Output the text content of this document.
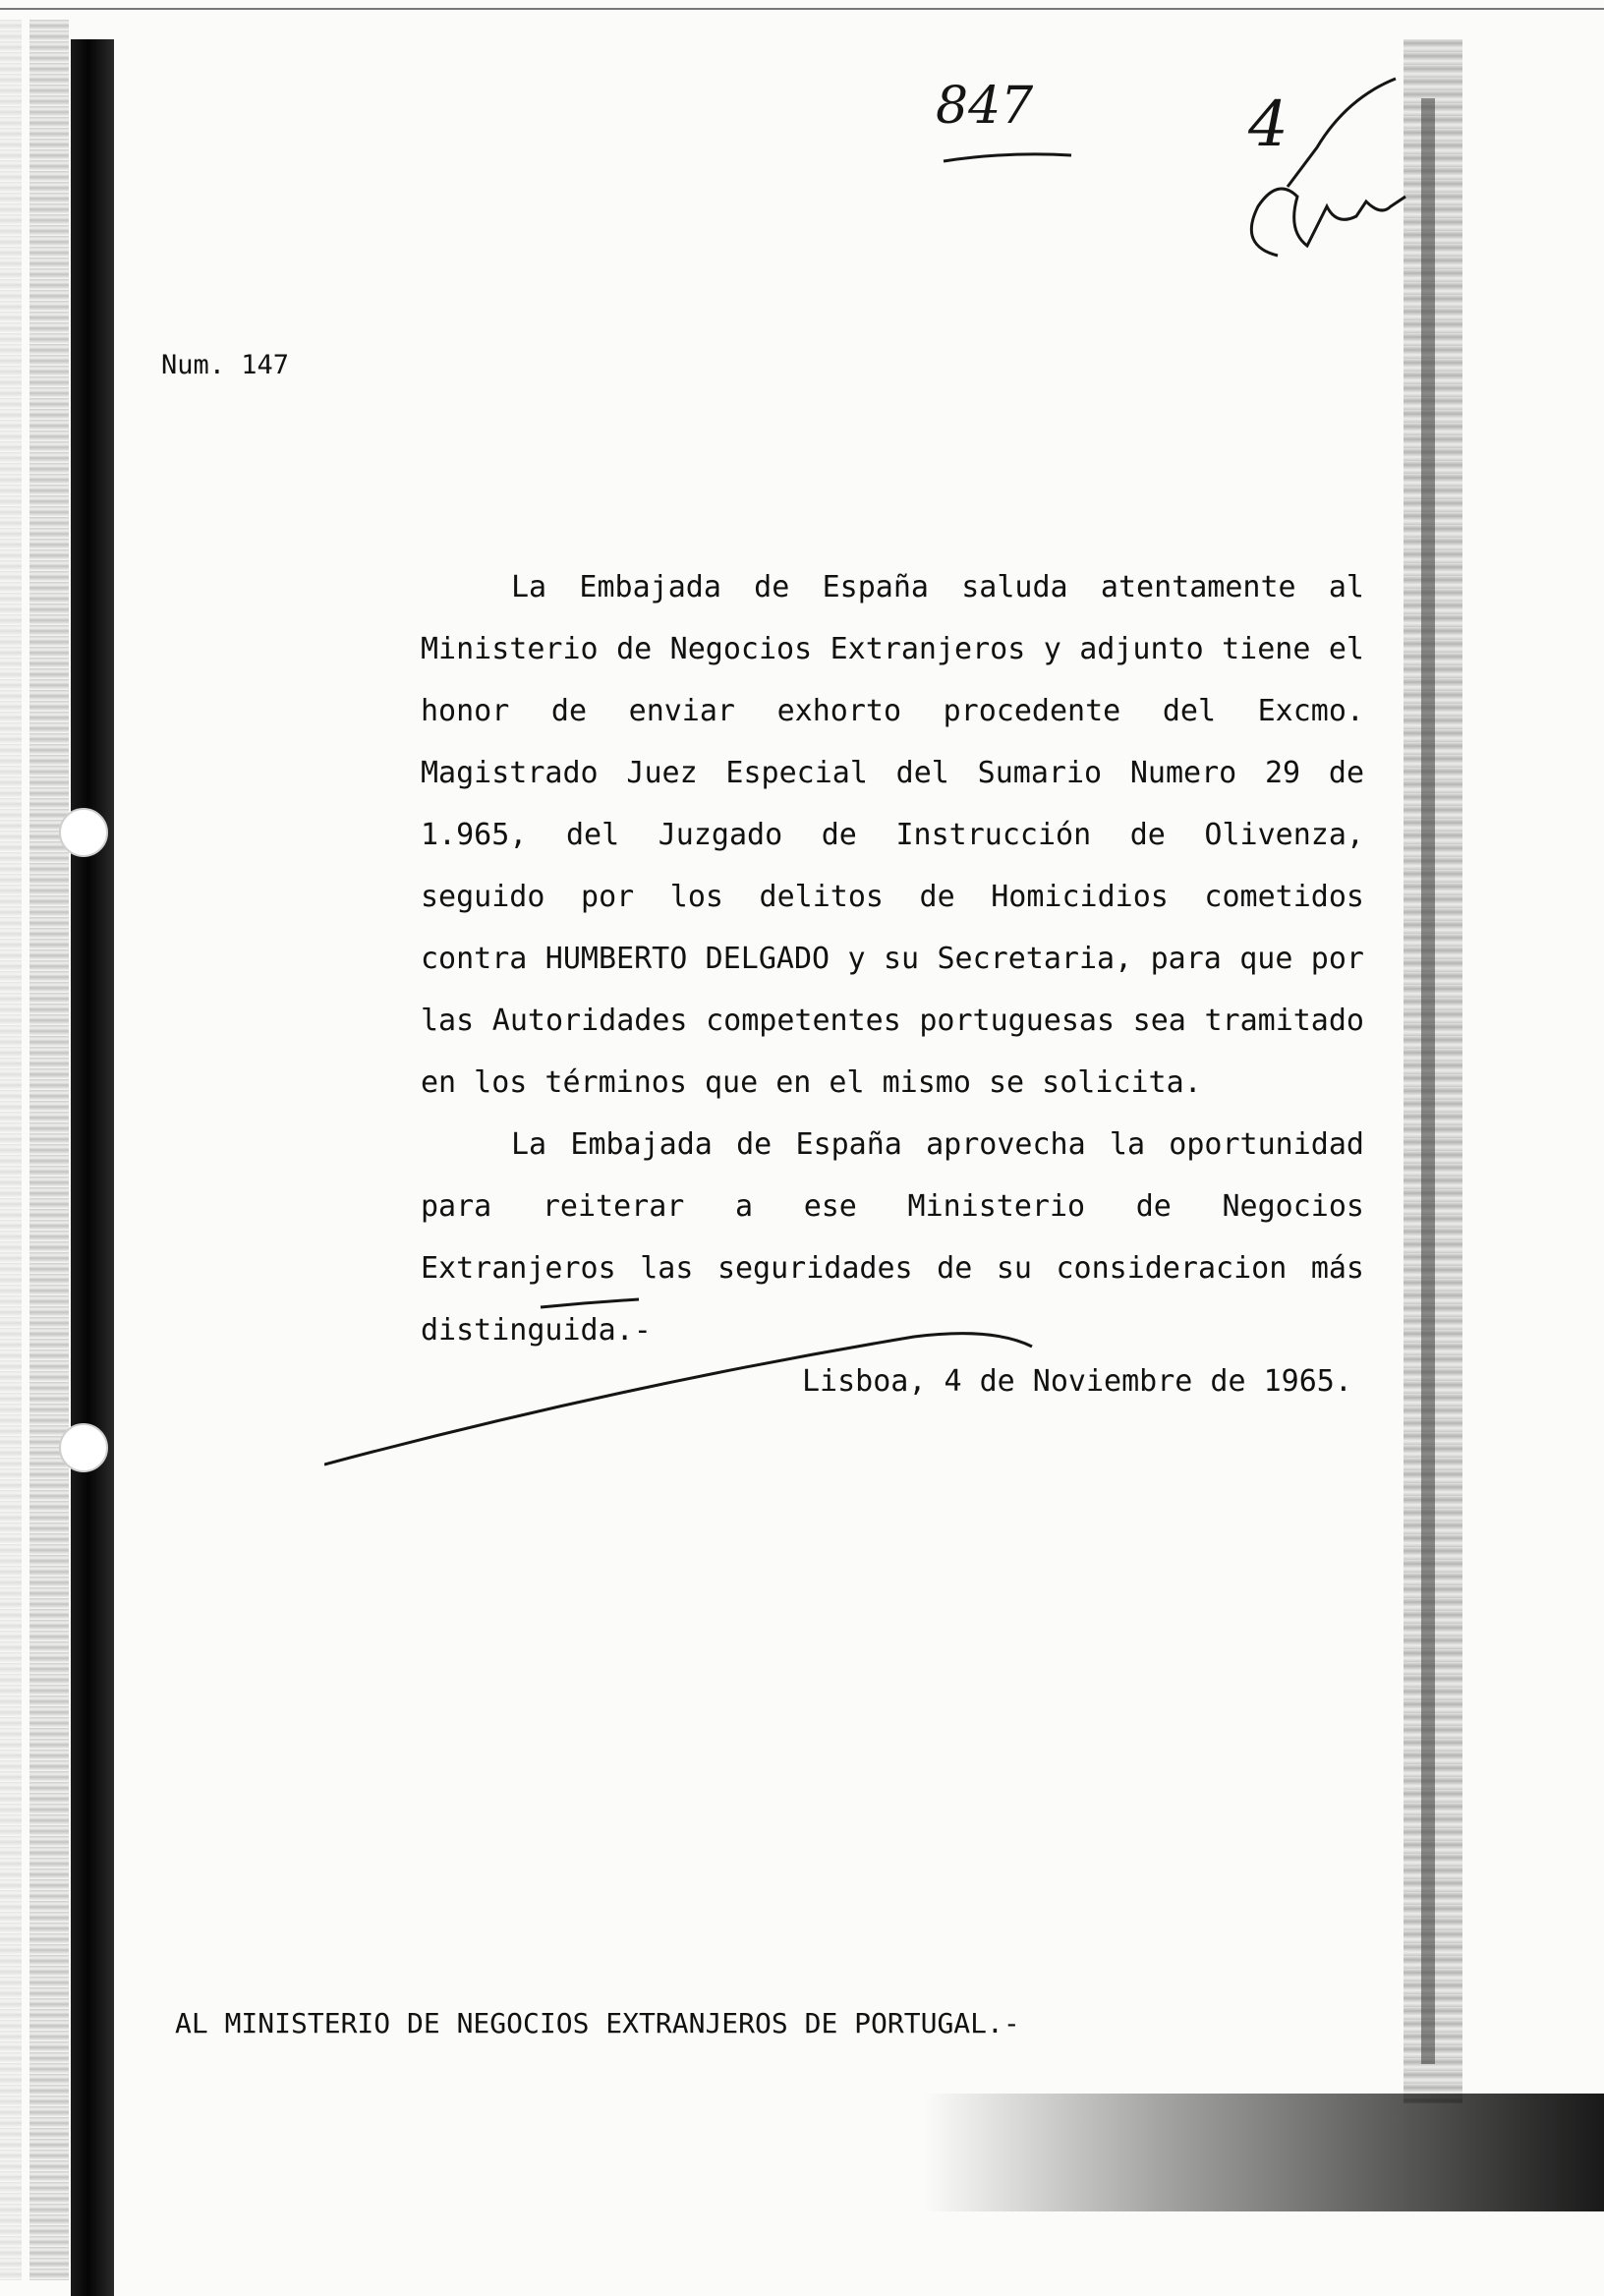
847	4
Num. 147

La Embajada de España saluda atentamente al Ministerio de Negocios Extranjeros y adjunto tiene el honor de enviar exhorto procedente del Excmo. Magistrado Juez Especial del Sumario Numero 29 de 1.965, del Juzgado de Instrucción de Olivenza, seguido por los delitos de Homicidios cometidos contra HUMBERTO DELGADO y su Secretaria, para que por las Autoridades competentes portuguesas sea tramitado en los términos que en el mismo se solicita.

La Embajada de España aprovecha la oportunidad para reiterar a ese Ministerio de Negocios Extranjeros las seguridades de su consideracion más distinguida.-

Lisboa, 4 de Noviembre de 1965.
AL MINISTERIO DE NEGOCIOS EXTRANJEROS DE PORTUGAL.-
